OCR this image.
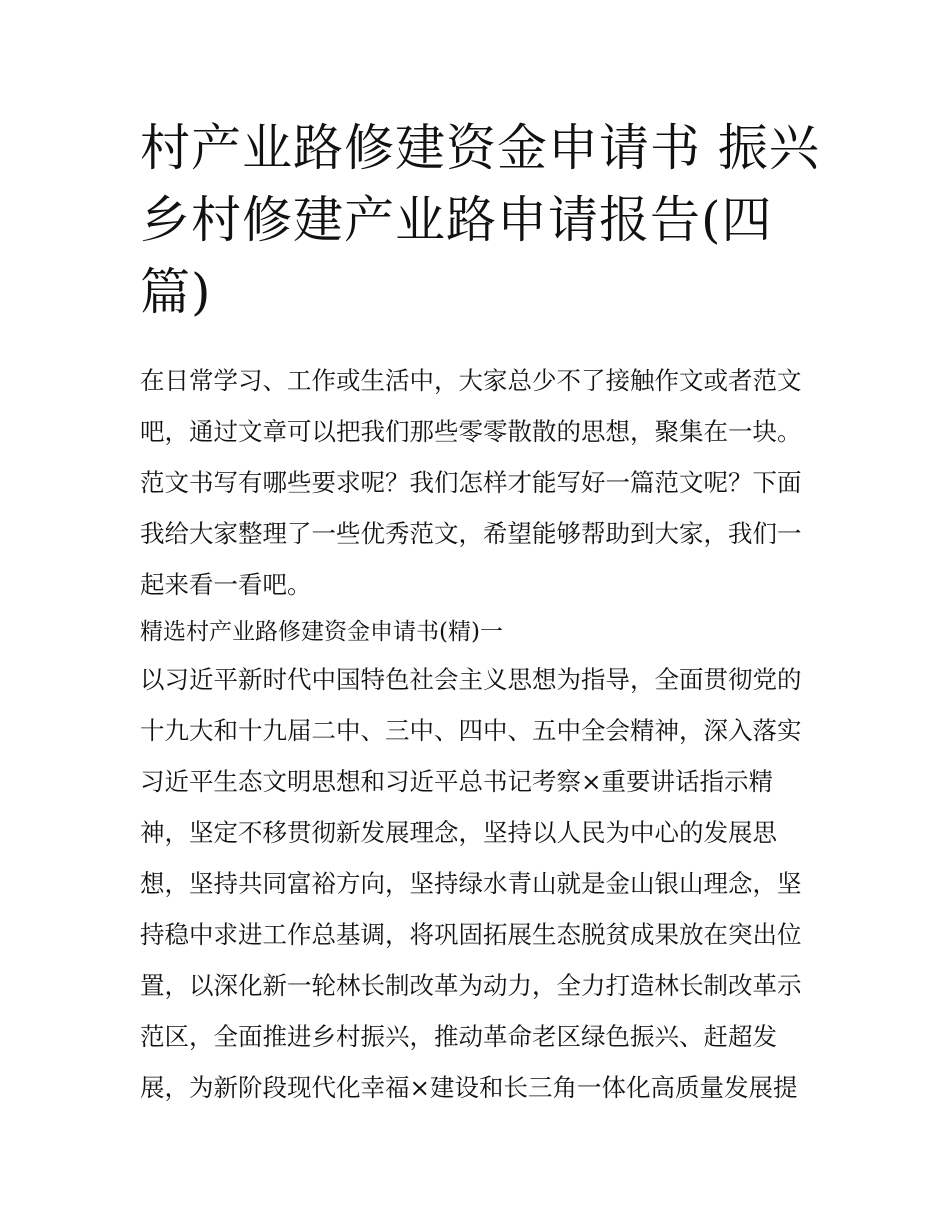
村产业路修建资金申请书 振兴
乡村修建产业路申请报告(四
篇)
在日常学习、工作或生活中，大家总少不了接触作文或者范文
吧，通过文章可以把我们那些零零散散的思想，聚集在一块。
范文书写有哪些要求呢？我们怎样才能写好一篇范文呢？下面
我给大家整理了一些优秀范文，希望能够帮助到大家，我们一
起来看一看吧。
精选村产业路修建资金申请书(精)一
以习近平新时代中国特色社会主义思想为指导，全面贯彻党的
十九大和十九届二中、三中、四中、五中全会精神，深入落实
习近平生态文明思想和习近平总书记考察×重要讲话指示精
神，坚定不移贯彻新发展理念，坚持以人民为中心的发展思
想，坚持共同富裕方向，坚持绿水青山就是金山银山理念，坚
持稳中求进工作总基调，将巩固拓展生态脱贫成果放在突出位
置，以深化新一轮林长制改革为动力，全力打造林长制改革示
范区，全面推进乡村振兴，推动革命老区绿色振兴、赶超发
展，为新阶段现代化幸福×建设和长三角一体化高质量发展提
